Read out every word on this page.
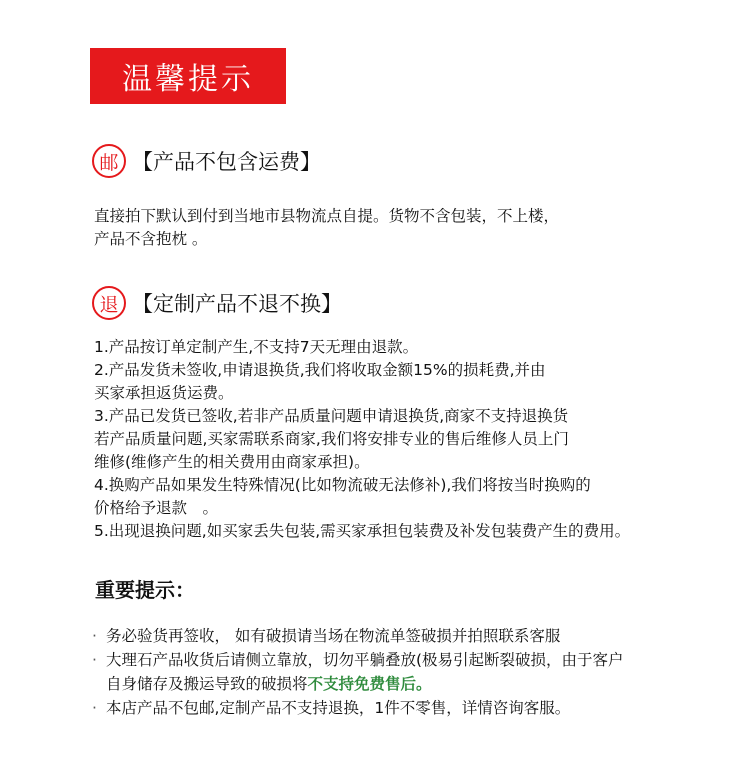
温馨提示
邮 【产品不包含运费】
直接拍下默认到付到当地市县物流点自提。货物不含包装，不上楼，
产品不含抱枕 。
退 【定制产品不退不换】
1.产品按订单定制产生,不支持7天无理由退款。
2.产品发货未签收,申请退换货,我们将收取金额15%的损耗费,并由
买家承担返货运费。
3.产品已发货已签收,若非产品质量问题申请退换货,商家不支持退换货
若产品质量问题,买家需联系商家,我们将安排专业的售后维修人员上门
维修(维修产生的相关费用由商家承担)。
4.换购产品如果发生特殊情况(比如物流破无法修补),我们将按当时换购的
价格给予退款　。
5.出现退换问题,如买家丢失包装,需买家承担包装费及补发包装费产生的费用。
重要提示：
· 务必验货再签收， 如有破损请当场在物流单签破损并拍照联系客服
· 大理石产品收货后请侧立靠放，切勿平躺叠放(极易引起断裂破损，由于客户
自身储存及搬运导致的破损将不支持免费售后。
· 本店产品不包邮,定制产品不支持退换，1件不零售，详情咨询客服。
